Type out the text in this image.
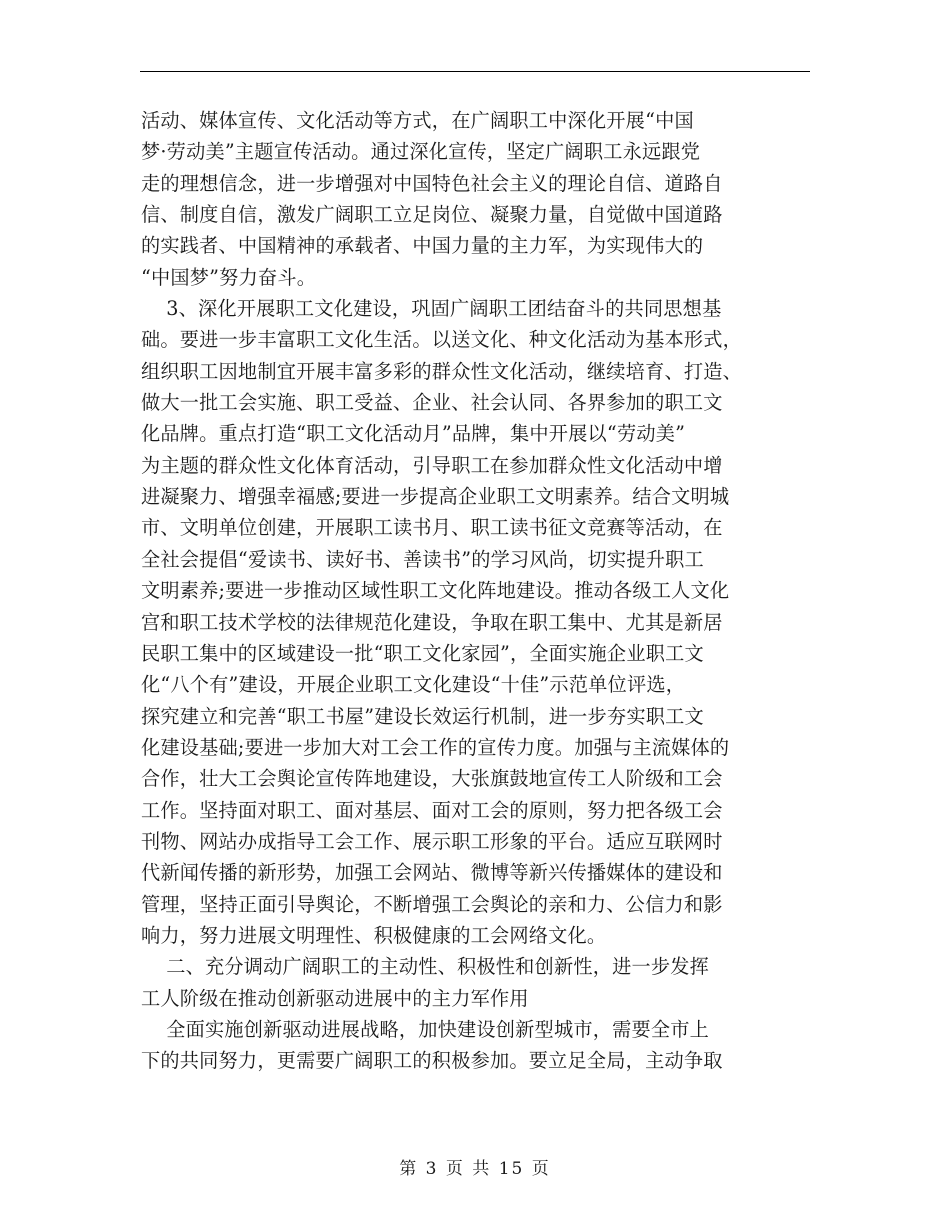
活动、媒体宣传、文化活动等方式，在广阔职工中深化开展“中国
梦·劳动美”主题宣传活动。通过深化宣传，坚定广阔职工永远跟党
走的理想信念，进一步增强对中国特色社会主义的理论自信、道路自
信、制度自信，激发广阔职工立足岗位、凝聚力量，自觉做中国道路
的实践者、中国精神的承载者、中国力量的主力军，为实现伟大的
“中国梦”努力奋斗。
3、深化开展职工文化建设，巩固广阔职工团结奋斗的共同思想基
础。要进一步丰富职工文化生活。以送文化、种文化活动为基本形式，
组织职工因地制宜开展丰富多彩的群众性文化活动，继续培育、打造、
做大一批工会实施、职工受益、企业、社会认同、各界参加的职工文
化品牌。重点打造“职工文化活动月”品牌，集中开展以“劳动美”
为主题的群众性文化体育活动，引导职工在参加群众性文化活动中增
进凝聚力、增强幸福感;要进一步提高企业职工文明素养。结合文明城
市、文明单位创建，开展职工读书月、职工读书征文竞赛等活动，在
全社会提倡“爱读书、读好书、善读书”的学习风尚，切实提升职工
文明素养;要进一步推动区域性职工文化阵地建设。推动各级工人文化
宫和职工技术学校的法律规范化建设，争取在职工集中、尤其是新居
民职工集中的区域建设一批“职工文化家园”，全面实施企业职工文
化“八个有”建设，开展企业职工文化建设“十佳”示范单位评选，
探究建立和完善“职工书屋”建设长效运行机制，进一步夯实职工文
化建设基础;要进一步加大对工会工作的宣传力度。加强与主流媒体的
合作，壮大工会舆论宣传阵地建设，大张旗鼓地宣传工人阶级和工会
工作。坚持面对职工、面对基层、面对工会的原则，努力把各级工会
刊物、网站办成指导工会工作、展示职工形象的平台。适应互联网时
代新闻传播的新形势，加强工会网站、微博等新兴传播媒体的建设和
管理，坚持正面引导舆论，不断增强工会舆论的亲和力、公信力和影
响力，努力进展文明理性、积极健康的工会网络文化。
二、充分调动广阔职工的主动性、积极性和创新性，进一步发挥
工人阶级在推动创新驱动进展中的主力军作用
全面实施创新驱动进展战略，加快建设创新型城市，需要全市上
下的共同努力，更需要广阔职工的积极参加。要立足全局，主动争取
第 3 页 共 15 页
